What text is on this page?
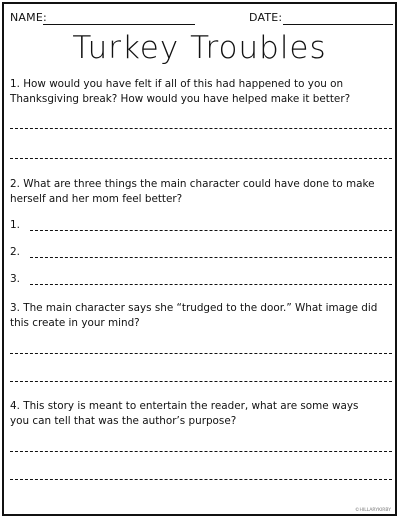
NAME:	DATE:
Turkey Troubles
1. How would you have felt if all of this had happened to you on Thanksgiving break? How would you have helped make it better?
2. What are three things the main character could have done to make herself and her mom feel better?
1.
2.
3.
3. The main character says she “trudged to the door.” What image did this create in your mind?
4. This story is meant to entertain the reader, what are some ways you can tell that was the author’s purpose?
©HILLARYKIRBY
